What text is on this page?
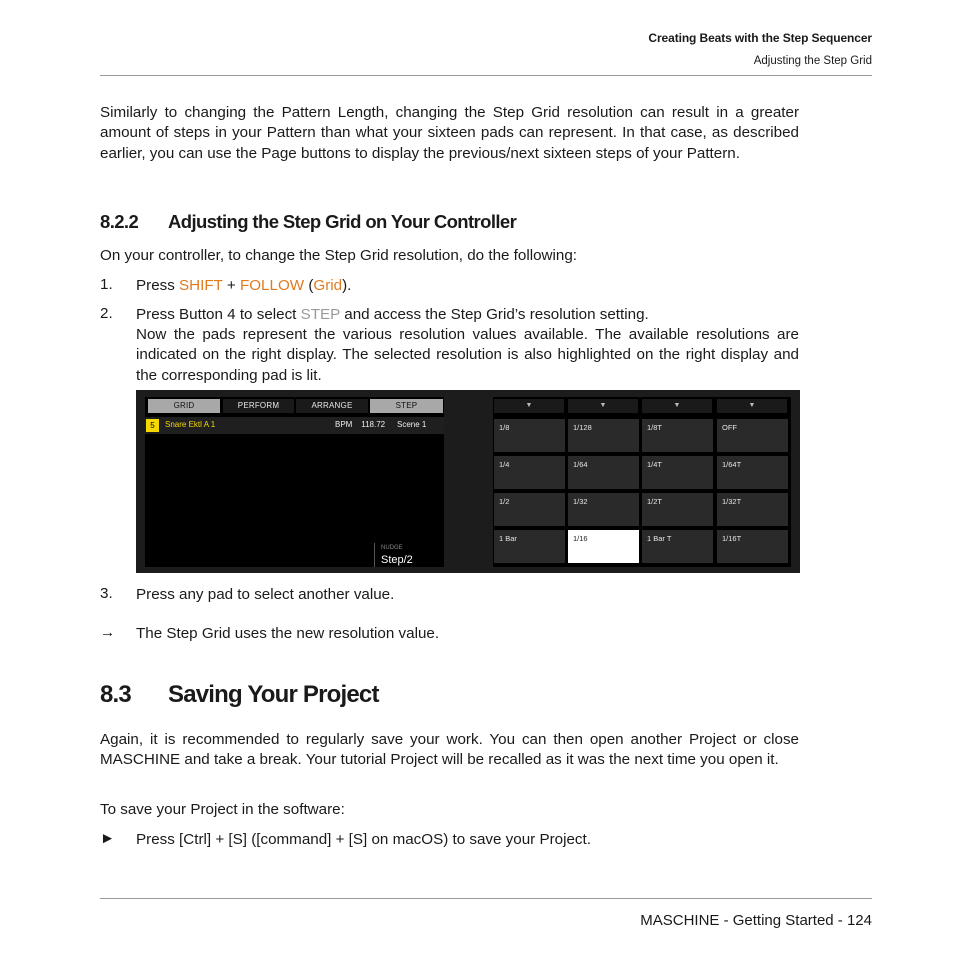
Creating Beats with the Step Sequencer
Adjusting the Step Grid
Similarly to changing the Pattern Length, changing the Step Grid resolution can result in a greater amount of steps in your Pattern than what your sixteen pads can represent. In that case, as described earlier, you can use the Page buttons to display the previous/next sixteen steps of your Pattern.
8.2.2 Adjusting the Step Grid on Your Controller
On your controller, to change the Step Grid resolution, do the following:
1.	Press SHIFT + FOLLOW (Grid).
2.	Press Button 4 to select STEP and access the Step Grid’s resolution setting.
Now the pads represent the various resolution values available. The available resolutions are indicated on the right display. The selected resolution is also highlighted on the right display and the corresponding pad is lit.
GRID	PERFORM	ARRANGE	STEP
5	Snare Ektl A 1	BPM 118.72 Scene 1
NUDGE
Step/2
▼	▼	▼	▼
1/8	1/128	1/8T	OFF
1/4	1/64	1/4T	1/64T
1/2	1/32	1/2T	1/32T
1 Bar	1/16	1 Bar T	1/16T
3.	Press any pad to select another value.
→	The Step Grid uses the new resolution value.
8.3 Saving Your Project
Again, it is recommended to regularly save your work. You can then open another Project or close MASCHINE and take a break. Your tutorial Project will be recalled as it was the next time you open it.
To save your Project in the software:
►	Press [Ctrl] + [S] ([command] + [S] on macOS) to save your Project.
MASCHINE - Getting Started - 124
